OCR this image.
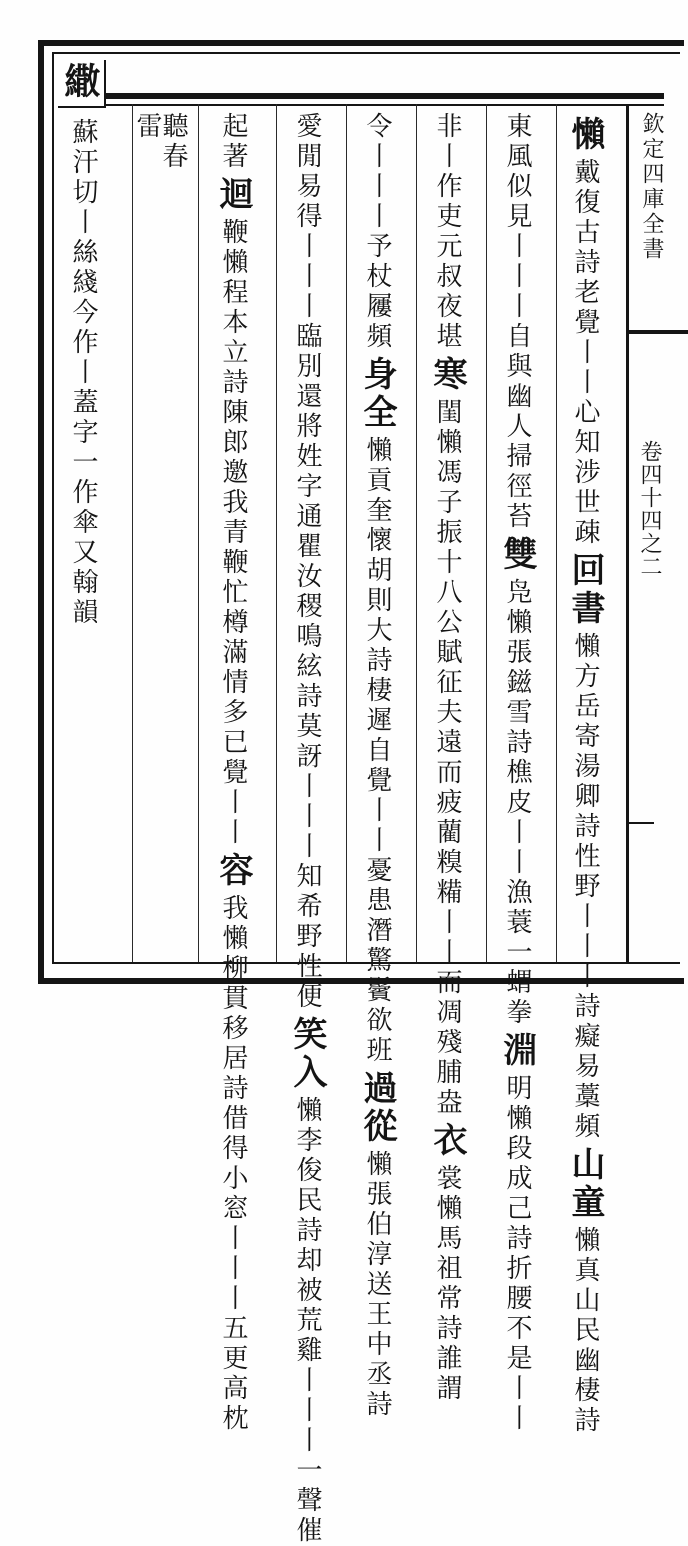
欽定四庫全書
卷四十四之二
繖
懶戴復古詩老覺丨丨心知涉世疎回書懶方岳寄湯卿詩性野丨丨丨詩癡易藁頻山童懶真山民幽棲詩
東風似見丨丨丨自與幽人掃徑苔雙凫懶張鎡雪詩樵皮丨丨漁蓑一蝟拳淵明懶段成己詩折腰不是丨丨
非丨作吏元叔夜堪寒閨懶馮子振十八公賦征夫遠而疲藺糗糒丨丨而凋殘脯盎衣裳懶馬祖常詩誰謂
令丨丨丨予杖屨頻身全懶貢奎懷胡則大詩棲遲自覺丨丨憂患潛驚鬢欲班過從懶張伯淳送王中丞詩
愛閒易得丨丨丨臨別還將姓字通瞿汝稷鳴絃詩莫訝丨丨丨知希野性便笑入懶李俊民詩却被荒雞丨丨丨一聲催
起著迴鞭懶程本立詩陳郎邀我青鞭忙樽滿情多已覺丨丨容我懶柳貫移居詩借得小窓丨丨丨五更高枕
聽春
雷
蘇汗切丨絲綫今作丨蓋字一作傘又翰韻
